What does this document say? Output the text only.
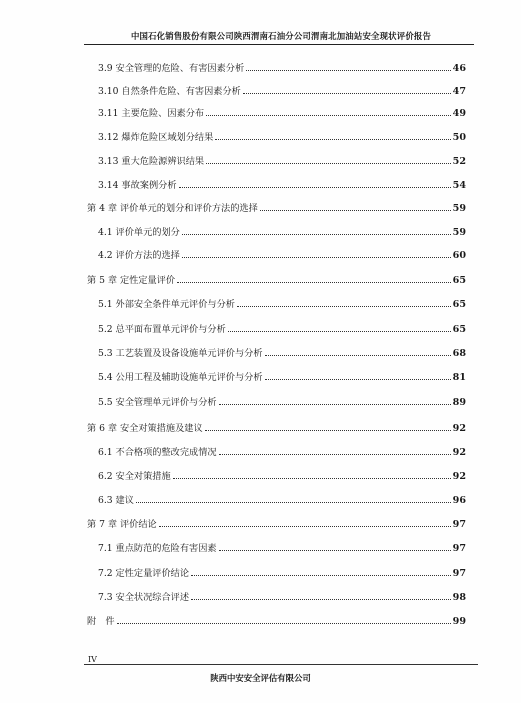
中国石化销售股份有限公司陕西渭南石油分公司渭南北加油站安全现状评价报告
3.9 安全管理的危险、有害因素分析	46
3.10 自然条件危险、有害因素分析	47
3.11 主要危险、因素分布	49
3.12 爆炸危险区域划分结果	50
3.13 重大危险源辨识结果	52
3.14 事故案例分析	54
第 4 章 评价单元的划分和评价方法的选择	59
4.1 评价单元的划分	59
4.2 评价方法的选择	60
第 5 章 定性定量评价	65
5.1 外部安全条件单元评价与分析	65
5.2 总平面布置单元评价与分析	65
5.3 工艺装置及设备设施单元评价与分析	68
5.4 公用工程及辅助设施单元评价与分析	81
5.5 安全管理单元评价与分析	89
第 6 章 安全对策措施及建议	92
6.1 不合格项的整改完成情况	92
6.2 安全对策措施	92
6.3 建议	96
第 7 章 评价结论	97
7.1 重点防范的危险有害因素	97
7.2 定性定量评价结论	97
7.3 安全状况综合评述	98
附　件	99
IV
陕西中安安全评估有限公司
